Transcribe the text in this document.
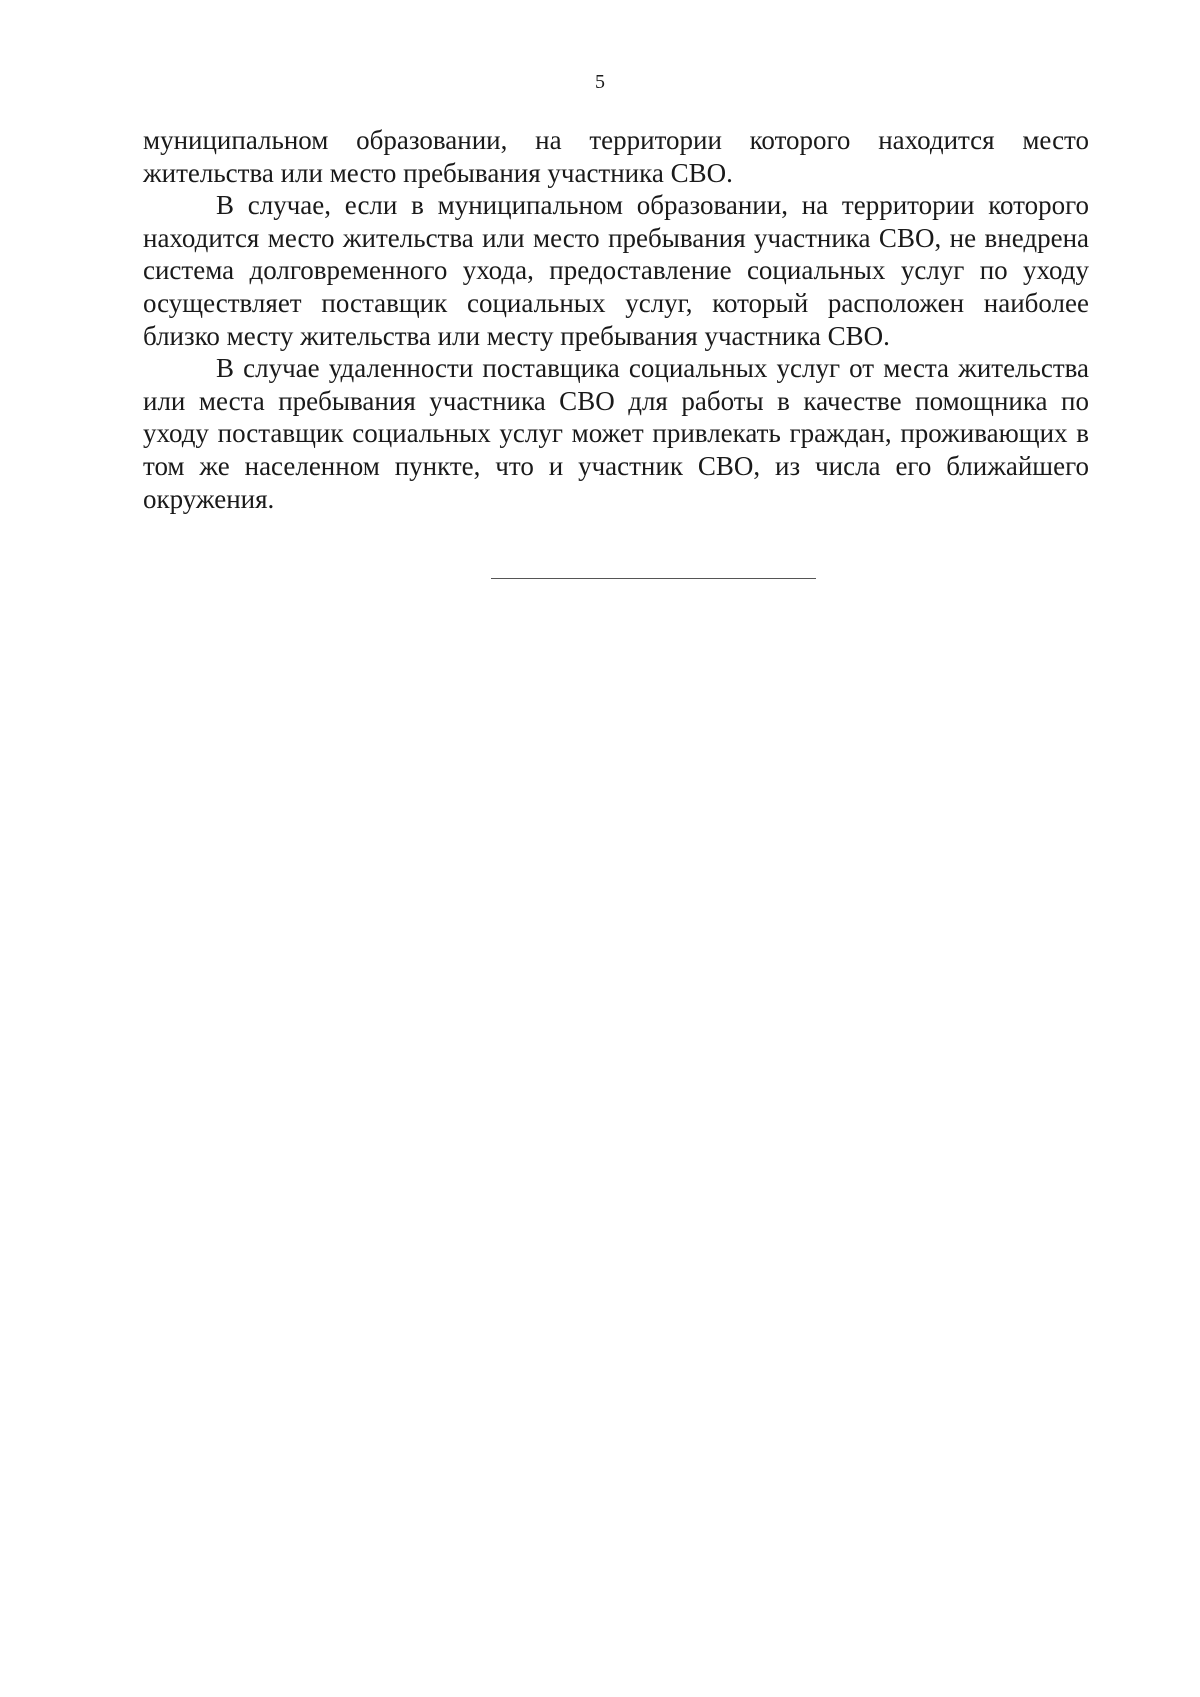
5

муниципальном образовании, на территории которого находится место жительства или место пребывания участника СВО.

В случае, если в муниципальном образовании, на территории которого находится место жительства или место пребывания участника СВО, не внедрена система долговременного ухода, предоставление социальных услуг по уходу осуществляет поставщик социальных услуг, который расположен наиболее близко месту жительства или месту пребывания участника СВО.

В случае удаленности поставщика социальных услуг от места жительства или места пребывания участника СВО для работы в качестве помощника по уходу поставщик социальных услуг может привлекать граждан, проживающих в том же населенном пункте, что и участник СВО, из числа его ближайшего окружения.
